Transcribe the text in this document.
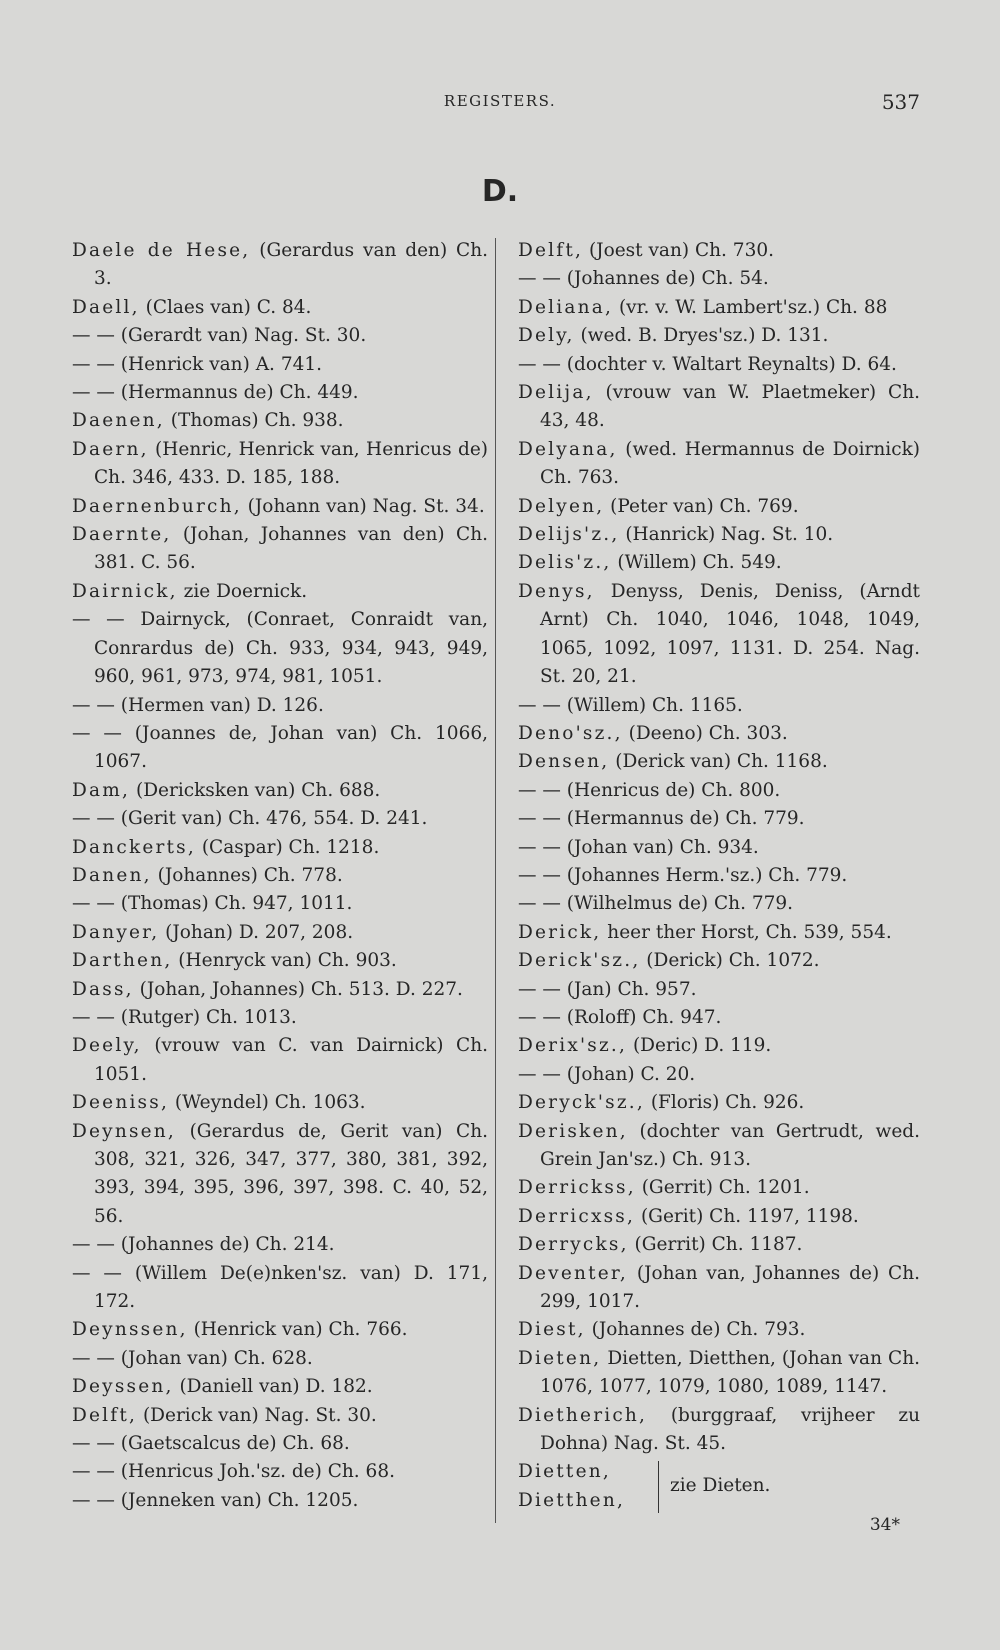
REGISTERS.	537
D.
Daele de Hese, (Gerardus van den) Ch. 3.
Daell, (Claes van) C. 84.
— — (Gerardt van) Nag. St. 30.
— — (Henrick van) A. 741.
— — (Hermannus de) Ch. 449.
Daenen, (Thomas) Ch. 938.
Daern, (Henric, Henrick van, Henricus de) Ch. 346, 433. D. 185, 188.
Daernenburch, (Johann van) Nag. St. 34.
Daernte, (Johan, Johannes van den) Ch. 381. C. 56.
Dairnick, zie Doernick.
— — Dairnyck, (Conraet, Conraidt van, Conrardus de) Ch. 933, 934, 943, 949, 960, 961, 973, 974, 981, 1051.
— — (Hermen van) D. 126.
— — (Joannes de, Johan van) Ch. 1066, 1067.
Dam, (Dericksken van) Ch. 688.
— — (Gerit van) Ch. 476, 554. D. 241.
Danckerts, (Caspar) Ch. 1218.
Danen, (Johannes) Ch. 778.
— — (Thomas) Ch. 947, 1011.
Danyer, (Johan) D. 207, 208.
Darthen, (Henryck van) Ch. 903.
Dass, (Johan, Johannes) Ch. 513. D. 227.
— — (Rutger) Ch. 1013.
Deely, (vrouw van C. van Dairnick) Ch. 1051.
Deeniss, (Weyndel) Ch. 1063.
Deynsen, (Gerardus de, Gerit van) Ch. 308, 321, 326, 347, 377, 380, 381, 392, 393, 394, 395, 396, 397, 398. C. 40, 52, 56.
— — (Johannes de) Ch. 214.
— — (Willem De(e)nken'sz. van) D. 171, 172.
Deynssen, (Henrick van) Ch. 766.
— — (Johan van) Ch. 628.
Deyssen, (Daniell van) D. 182.
Delft, (Derick van) Nag. St. 30.
— — (Gaetscalcus de) Ch. 68.
— — (Henricus Joh.'sz. de) Ch. 68.
— — (Jenneken van) Ch. 1205.
Delft, (Joest van) Ch. 730.
— — (Johannes de) Ch. 54.
Deliana, (vr. v. W. Lambert'sz.) Ch. 88
Dely, (wed. B. Dryes'sz.) D. 131.
— — (dochter v. Waltart Reynalts) D. 64.
Delija, (vrouw van W. Plaetmeker) Ch. 43, 48.
Delyana, (wed. Hermannus de Doirnick) Ch. 763.
Delyen, (Peter van) Ch. 769.
Delijs'z., (Hanrick) Nag. St. 10.
Delis'z., (Willem) Ch. 549.
Denys, Denyss, Denis, Deniss, (Arndt Arnt) Ch. 1040, 1046, 1048, 1049, 1065, 1092, 1097, 1131. D. 254. Nag. St. 20, 21.
— — (Willem) Ch. 1165.
Deno'sz., (Deeno) Ch. 303.
Densen, (Derick van) Ch. 1168.
— — (Henricus de) Ch. 800.
— — (Hermannus de) Ch. 779.
— — (Johan van) Ch. 934.
— — (Johannes Herm.'sz.) Ch. 779.
— — (Wilhelmus de) Ch. 779.
Derick, heer ther Horst, Ch. 539, 554.
Derick'sz., (Derick) Ch. 1072.
— — (Jan) Ch. 957.
— — (Roloff) Ch. 947.
Derix'sz., (Deric) D. 119.
— — (Johan) C. 20.
Deryck'sz., (Floris) Ch. 926.
Derisken, (dochter van Gertrudt, wed. Grein Jan'sz.) Ch. 913.
Derrickss, (Gerrit) Ch. 1201.
Derricxss, (Gerit) Ch. 1197, 1198.
Derrycks, (Gerrit) Ch. 1187.
Deventer, (Johan van, Johannes de) Ch. 299, 1017.
Diest, (Johannes de) Ch. 793.
Dieten, Dietten, Dietthen, (Johan van Ch. 1076, 1077, 1079, 1080, 1089, 1147.
Dietherich, (burggraaf, vrijheer zu Dohna) Nag. St. 45.
Dietten,
Dietthen,
zie Dieten.
34*
